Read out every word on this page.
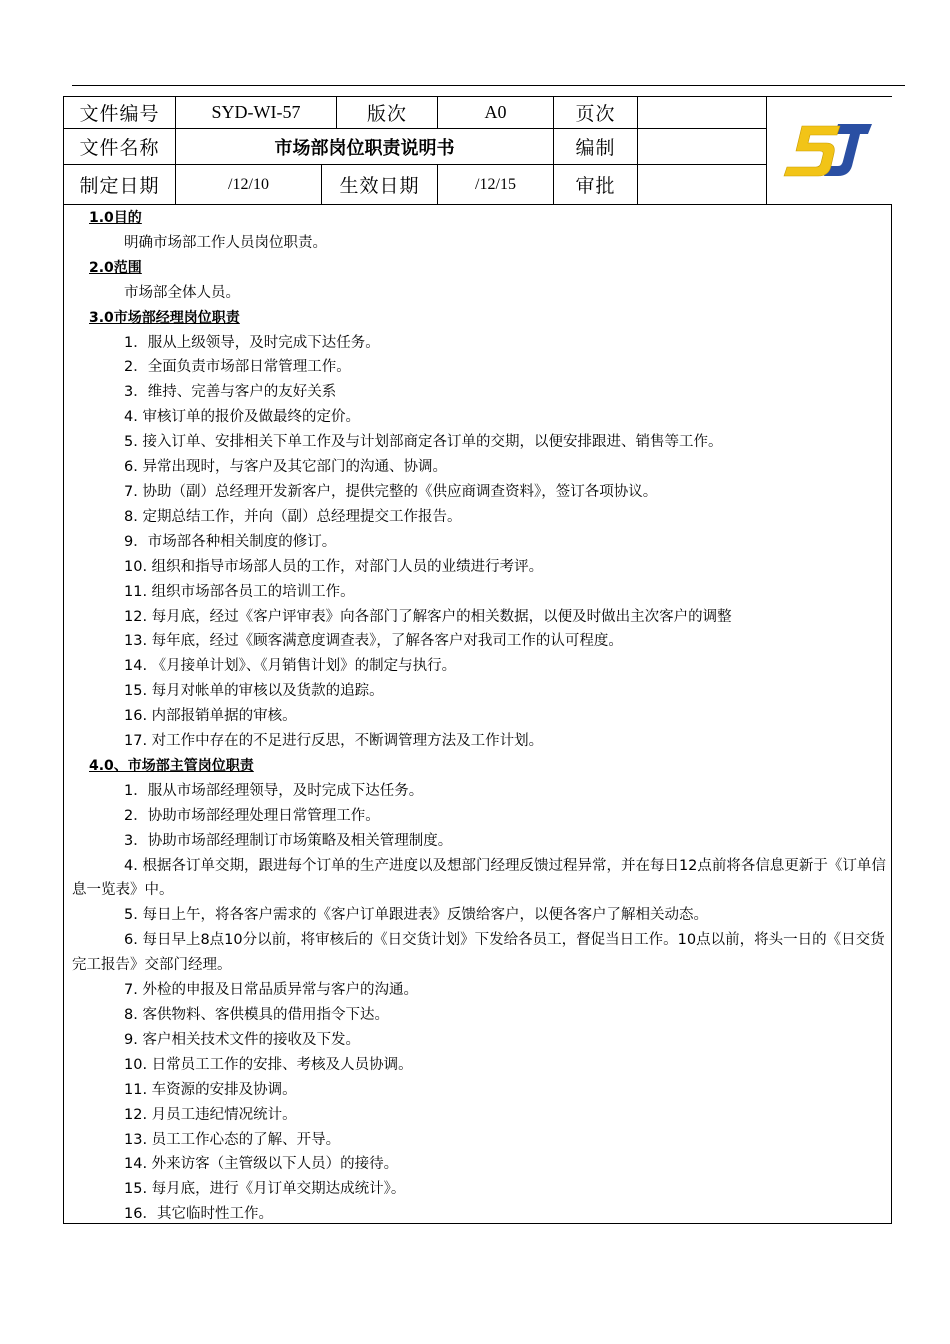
文件编号	SYD-WI-57	版次	A0	页次
文件名称	市场部岗位职责说明书	编制
制定日期	/12/10	生效日期	/12/15	审批
1.0目的
明确市场部工作人员岗位职责。
2.0范围
市场部全体人员。
3.0市场部经理岗位职责
1．服从上级领导，及时完成下达任务。
2．全面负责市场部日常管理工作。
3．维持、完善与客户的友好关系
4. 审核订单的报价及做最终的定价。
5. 接入订单、安排相关下单工作及与计划部商定各订单的交期，以便安排跟进、销售等工作。
6. 异常出现时，与客户及其它部门的沟通、协调。
7. 协助（副）总经理开发新客户，提供完整的《供应商调查资料》，签订各项协议。
8. 定期总结工作，并向（副）总经理提交工作报告。
9．市场部各种相关制度的修订。
10. 组织和指导市场部人员的工作，对部门人员的业绩进行考评。
11. 组织市场部各员工的培训工作。
12. 每月底，经过《客户评审表》向各部门了解客户的相关数据，以便及时做出主次客户的调整
13. 每年底，经过《顾客满意度调查表》，了解各客户对我司工作的认可程度。
14. 《月接单计划》、《月销售计划》的制定与执行。
15. 每月对帐单的审核以及货款的追踪。
16. 内部报销单据的审核。
17. 对工作中存在的不足进行反思，不断调管理方法及工作计划。
4.0、市场部主管岗位职责
1．服从市场部经理领导，及时完成下达任务。
2．协助市场部经理处理日常管理工作。
3．协助市场部经理制订市场策略及相关管理制度。
4. 根据各订单交期，跟进每个订单的生产进度以及想部门经理反馈过程异常，并在每日12点前将各信息更新于《订单信息一览表》中。
5. 每日上午，将各客户需求的《客户订单跟进表》反馈给客户，以便各客户了解相关动态。
6. 每日早上8点10分以前，将审核后的《日交货计划》下发给各员工，督促当日工作。10点以前，将头一日的《日交货完工报告》交部门经理。
7. 外检的申报及日常品质异常与客户的沟通。
8. 客供物料、客供模具的借用指令下达。
9. 客户相关技术文件的接收及下发。
10. 日常员工工作的安排、考核及人员协调。
11. 车资源的安排及协调。
12. 月员工违纪情况统计。
13. 员工工作心态的了解、开导。
14. 外来访客（主管级以下人员）的接待。
15. 每月底，进行《月订单交期达成统计》。
16．其它临时性工作。
